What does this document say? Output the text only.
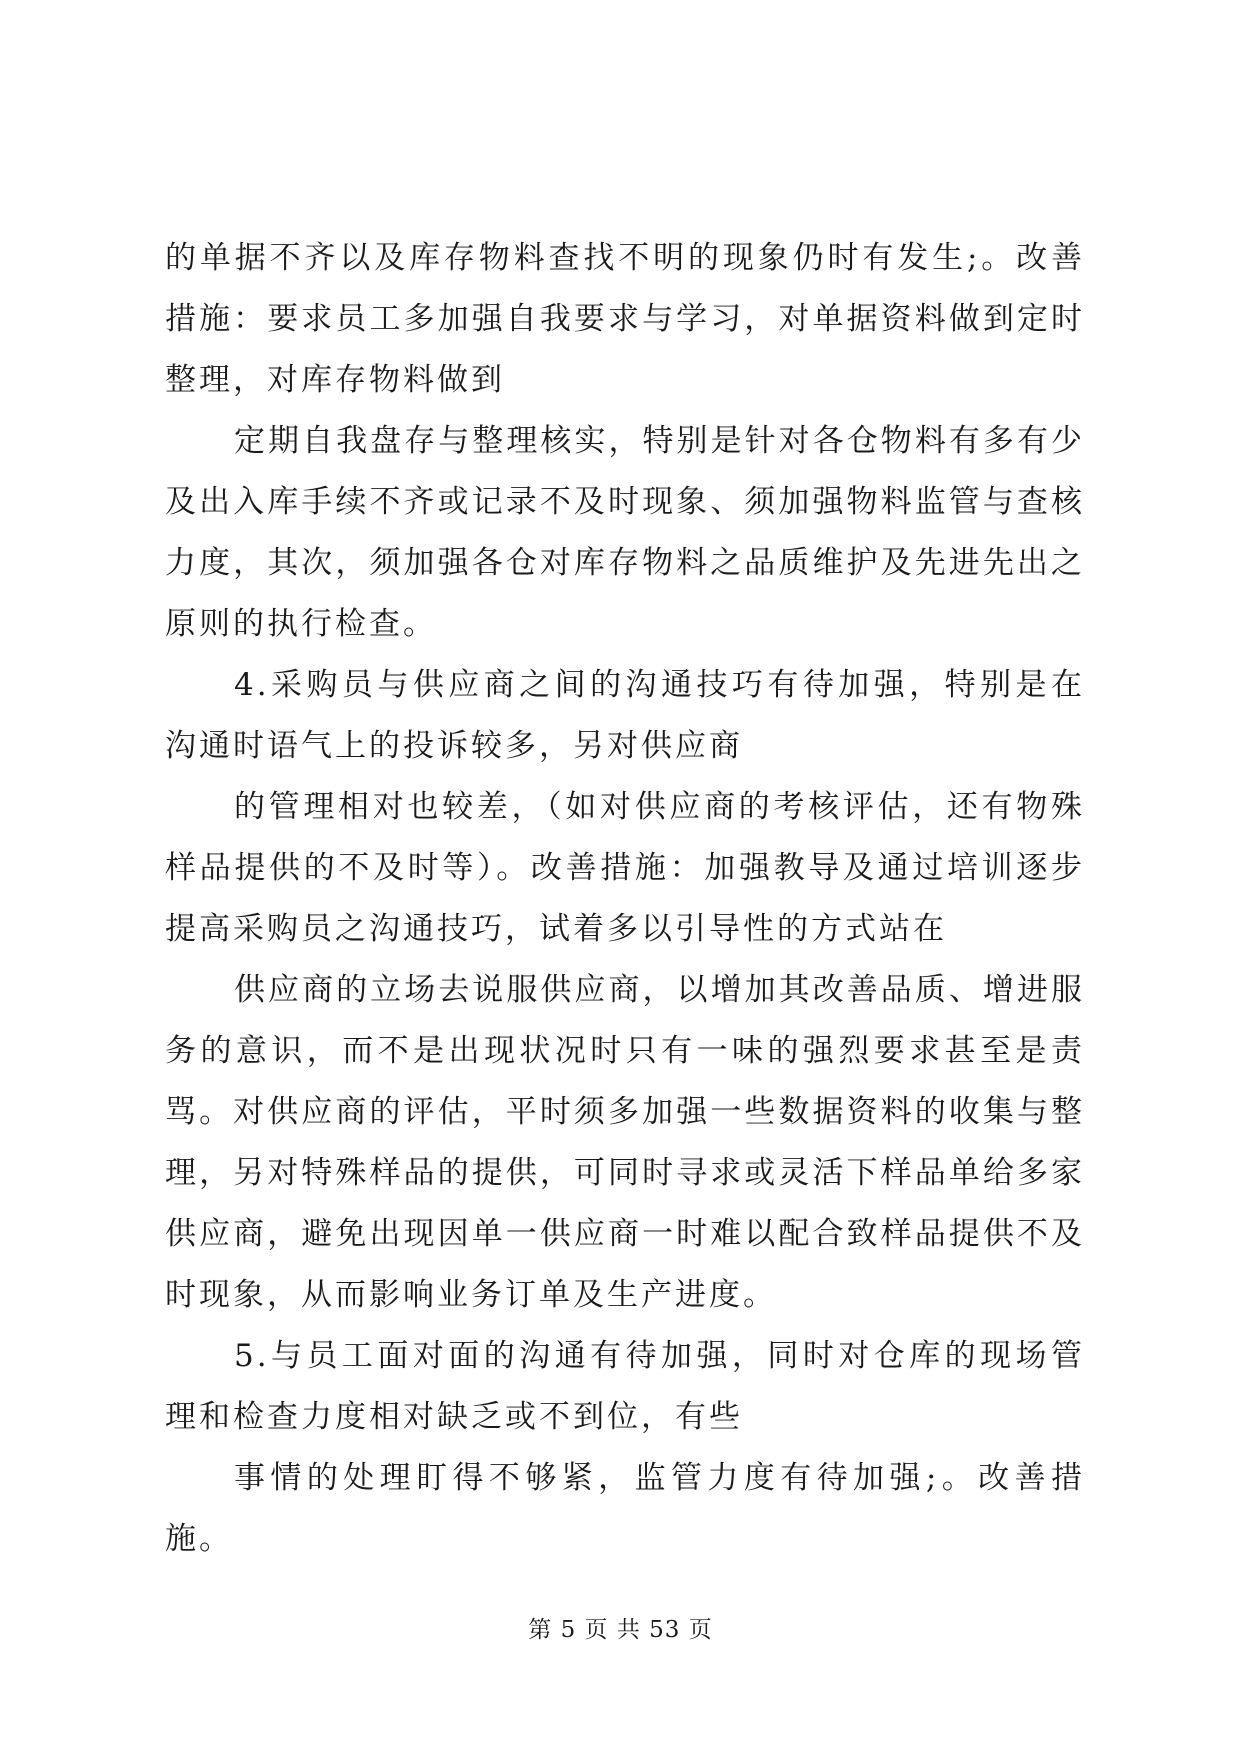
的单据不齐以及库存物料查找不明的现象仍时有发生;。改善措施：要求员工多加强自我要求与学习，对单据资料做到定时整理，对库存物料做到

定期自我盘存与整理核实，特别是针对各仓物料有多有少及出入库手续不齐或记录不及时现象、须加强物料监管与查核力度，其次，须加强各仓对库存物料之品质维护及先进先出之原则的执行检查。

4.采购员与供应商之间的沟通技巧有待加强，特别是在沟通时语气上的投诉较多，另对供应商

的管理相对也较差，（如对供应商的考核评估，还有物殊样品提供的不及时等）。改善措施：加强教导及通过培训逐步提高采购员之沟通技巧，试着多以引导性的方式站在

供应商的立场去说服供应商，以增加其改善品质、增进服务的意识，而不是出现状况时只有一味的强烈要求甚至是责骂。对供应商的评估，平时须多加强一些数据资料的收集与整理，另对特殊样品的提供，可同时寻求或灵活下样品单给多家供应商，避免出现因单一供应商一时难以配合致样品提供不及时现象，从而影响业务订单及生产进度。

5.与员工面对面的沟通有待加强，同时对仓库的现场管理和检查力度相对缺乏或不到位，有些

事情的处理盯得不够紧，监管力度有待加强;。改善措施。

第 5 页 共 53 页
